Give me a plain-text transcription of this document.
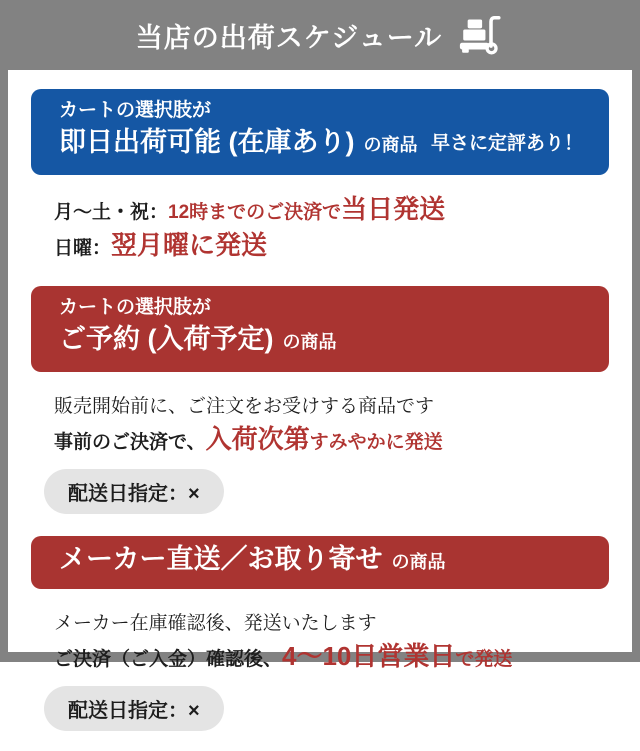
当店の出荷スケジュール
カートの選択肢が
即日出荷可能 (在庫あり) の商品 早さに定評あり！
月〜土・祝：12時までのご決済で当日発送
日曜：翌月曜に発送
カートの選択肢が
ご予約 (入荷予定) の商品
販売開始前に、ご注文をお受けする商品です
事前のご決済で、入荷次第すみやかに発送
配送日指定：×
メーカー直送／お取り寄せ の商品
メーカー在庫確認後、発送いたします
ご決済（ご入金）確認後、4〜10日営業日で発送
配送日指定：×
